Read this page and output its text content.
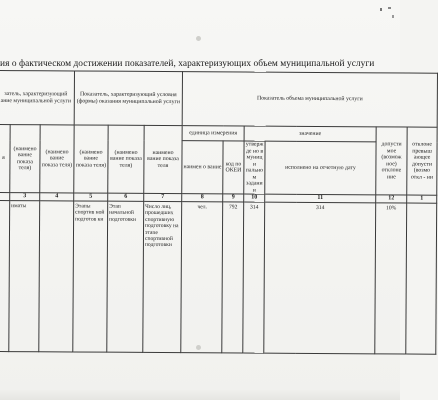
ия о фактическом достижении показателей, характеризующих объем муниципальной услуги
затель, характеризующий ание муниципальной услуги			Показатель, характеризующий условия (формы) оказания муниципальной услуги			Показатель объема муниципальной услуги					
я	(наимено вание показа теля)	(наимено вание показа теля)	(наимено вание показа теля)	(наимено вание показа теля)	наимено вание показа теля	единица измерения		значение		допусти мое (возмож ное) отклоне ние	отклоне превыш ающее допусти (возмо откл - ни
						наимен о вание	код по ОКЕИ	утвержде но в муници пальном задании	исполнено на отчетную дату		
	3	4	5	6	7	8	9	10	11	12	1
	иматы		Этапы спортив ной подготов ки	Этап начальной подготовки	Число лиц, прошедших спортивную подготовку на этапе спортивной подготовки	чел.	792	314	314	10%	
